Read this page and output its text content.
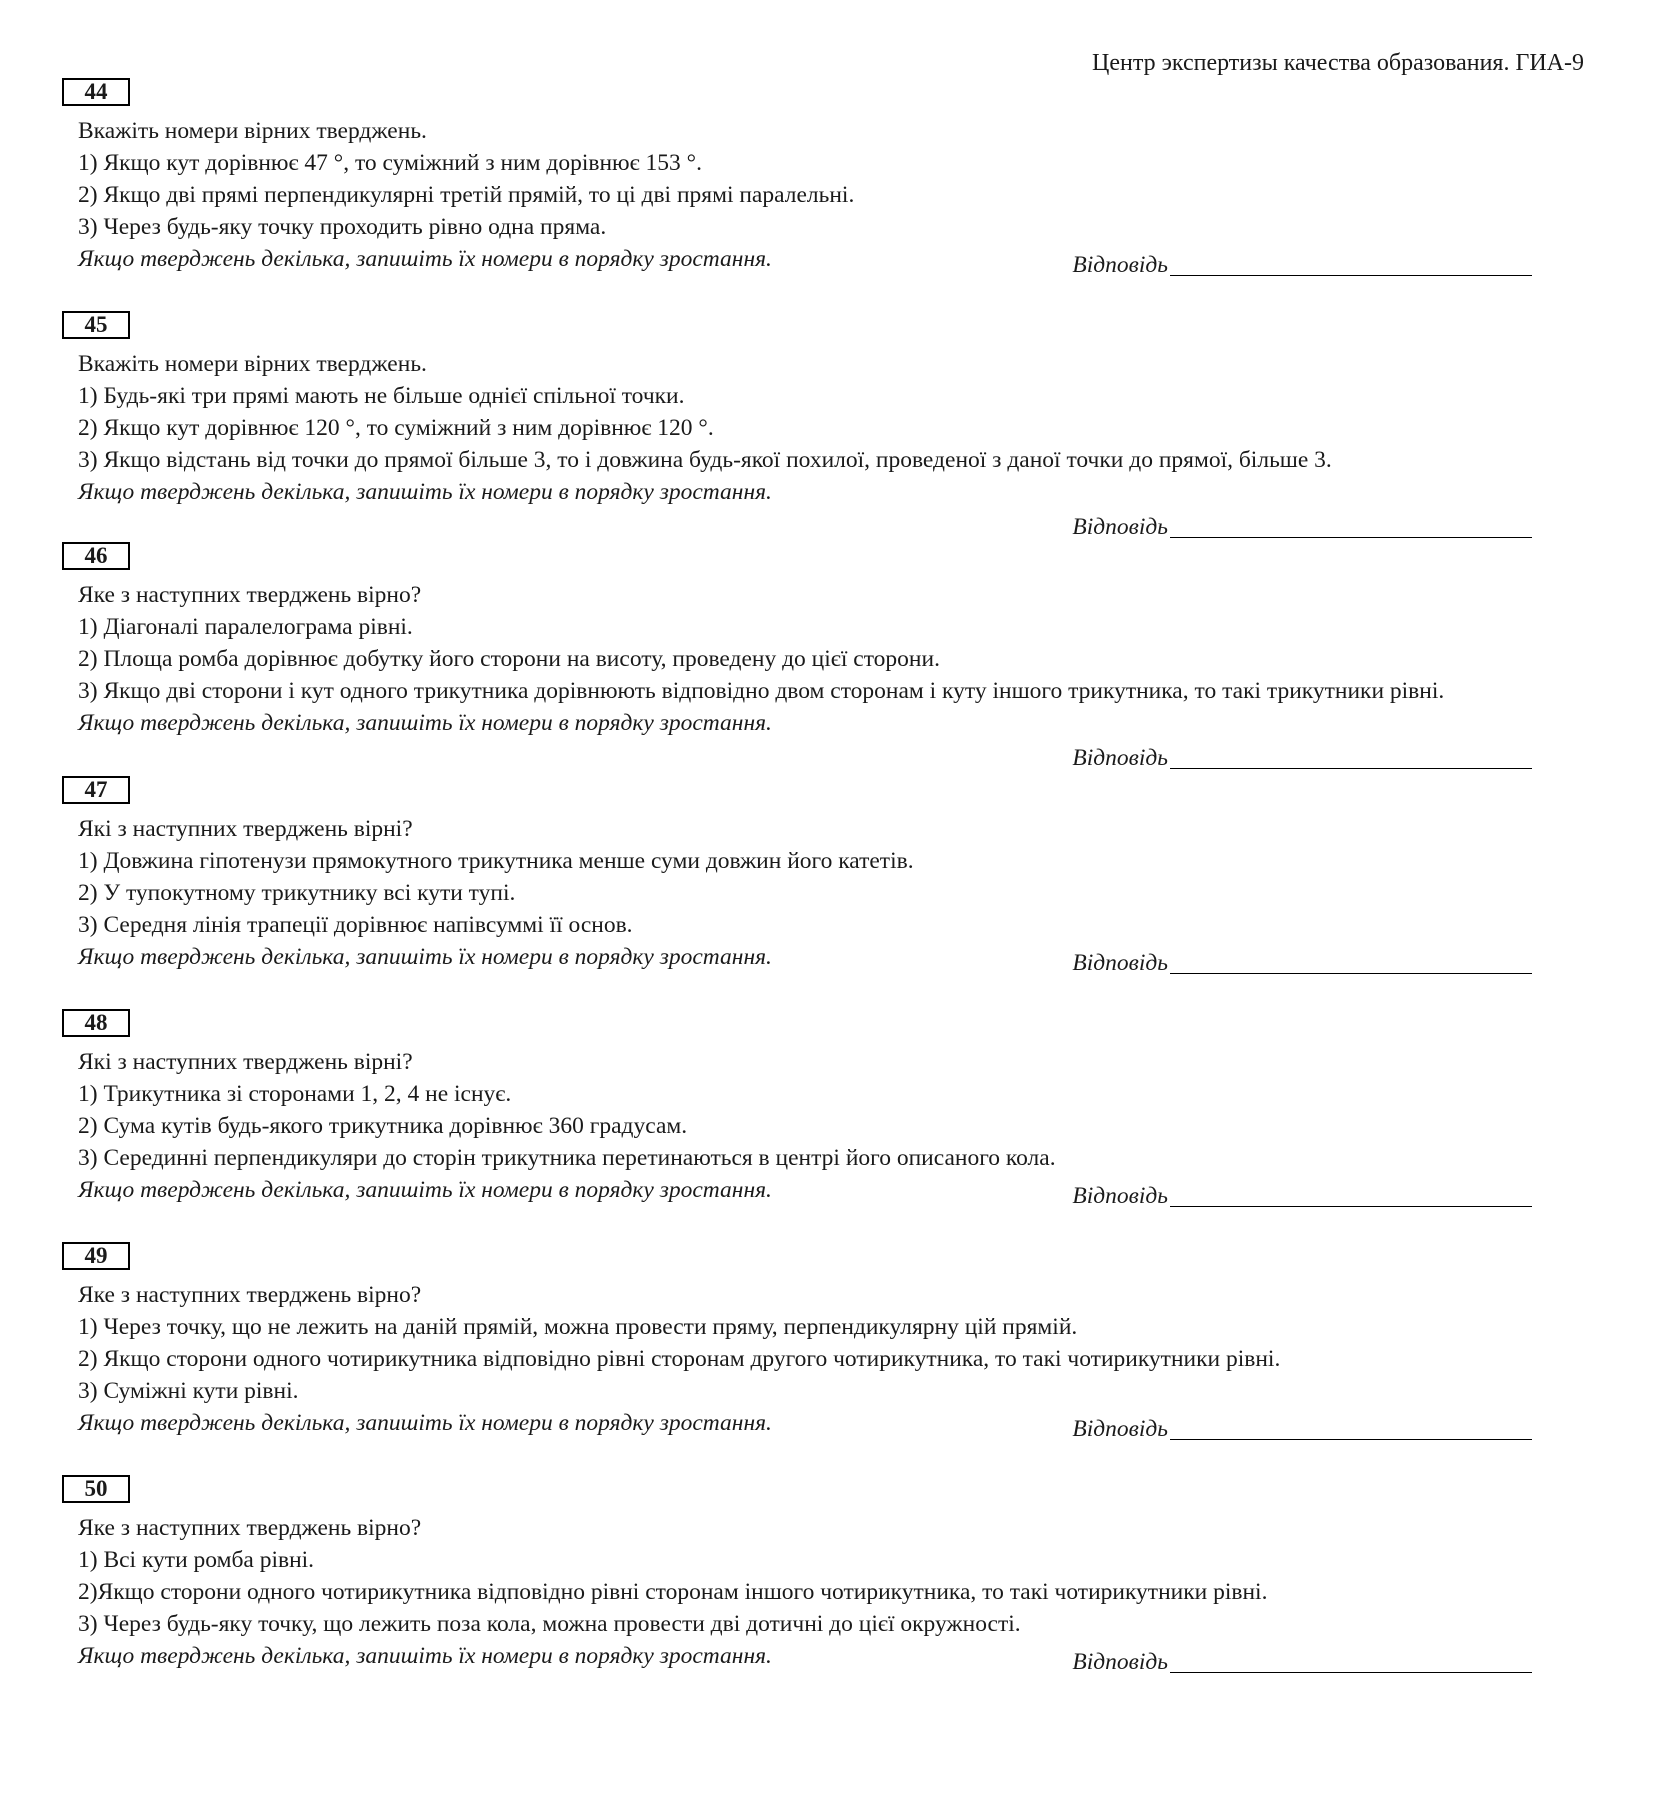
Центр экспертизы качества образования. ГИА-9
44
Вкажіть номери вірних тверджень.
1) Якщо кут дорівнює 47 °, то суміжний з ним дорівнює 153 °.
2) Якщо дві прямі перпендикулярні третій прямій, то ці дві прямі паралельні.
3) Через будь-яку точку проходить рівно одна пряма.
Якщо тверджень декілька, запишіть їх номери в порядку зростання.	Відповідь
45
Вкажіть номери вірних тверджень.
1) Будь-які три прямі мають не більше однієї спільної точки.
2) Якщо кут дорівнює 120 °, то суміжний з ним дорівнює 120 °.
3) Якщо відстань від точки до прямої більше 3, то і довжина будь-якої похилої, проведеної з даної точки до прямої, більше 3.
Якщо тверджень декілька, запишіть їх номери в порядку зростання.
Відповідь
46
Яке з наступних тверджень вірно?
1) Діагоналі паралелограма рівні.
2) Площа ромба дорівнює добутку його сторони на висоту, проведену до цієї сторони.
3) Якщо дві сторони і кут одного трикутника дорівнюють відповідно двом сторонам і куту іншого трикутника, то такі трикутники рівні.
Якщо тверджень декілька, запишіть їх номери в порядку зростання.
Відповідь
47
Які з наступних тверджень вірні?
1) Довжина гіпотенузи прямокутного трикутника менше суми довжин його катетів.
2) У тупокутному трикутнику всі кути тупі.
3) Середня лінія трапеції дорівнює напівсуммі її основ.
Якщо тверджень декілька, запишіть їх номери в порядку зростання.	Відповідь
48
Які з наступних тверджень вірні?
1) Трикутника зі сторонами 1, 2, 4 не існує.
2) Сума кутів будь-якого трикутника дорівнює 360 градусам.
3) Серединні перпендикуляри до сторін трикутника перетинаються в центрі його описаного кола.
Якщо тверджень декілька, запишіть їх номери в порядку зростання.	Відповідь
49
Яке з наступних тверджень вірно?
1) Через точку, що не лежить на даній прямій, можна провести пряму, перпендикулярну цій прямій.
2) Якщо сторони одного чотирикутника відповідно рівні сторонам другого чотирикутника, то такі чотирикутники рівні.
3) Суміжні кути рівні.
Якщо тверджень декілька, запишіть їх номери в порядку зростання.	Відповідь
50
Яке з наступних тверджень вірно?
1) Всі кути ромба рівні.
2)Якщо сторони одного чотирикутника відповідно рівні сторонам іншого чотирикутника, то такі чотирикутники рівні.
3) Через будь-яку точку, що лежить поза кола, можна провести дві дотичні до цієї окружності.
Якщо тверджень декілька, запишіть їх номери в порядку зростання.	Відповідь
